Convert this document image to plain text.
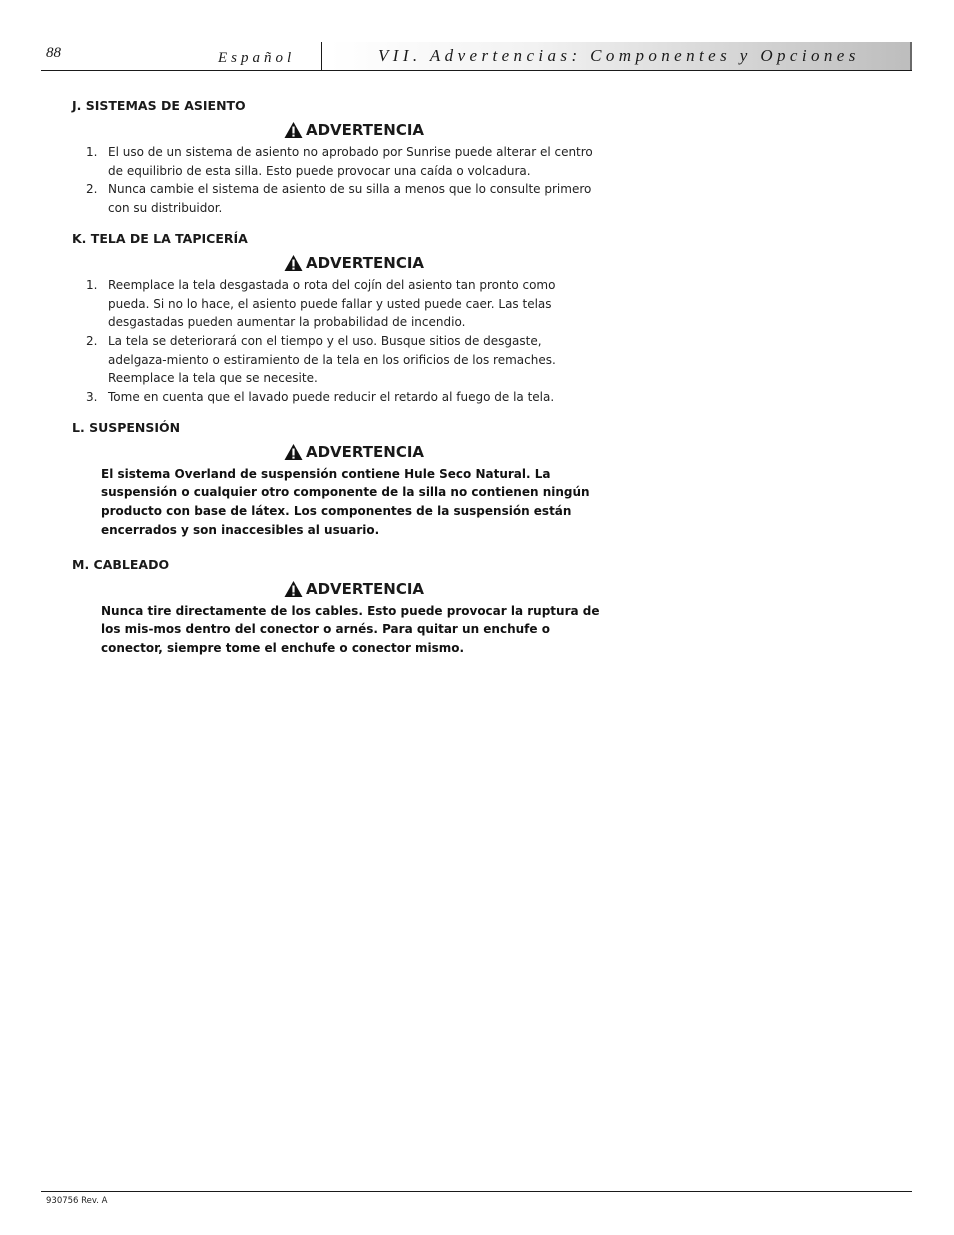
88	Español	VII. Advertencias: Componentes y Opciones
J. SISTEMAS DE ASIENTO
ADVERTENCIA
1. El uso de un sistema de asiento no aprobado por Sunrise puede alterar el centro de equilibrio de esta silla. Esto puede provocar una caída o volcadura.
2. Nunca cambie el sistema de asiento de su silla a menos que lo consulte primero con su distribuidor.
K. TELA DE LA TAPICERÍA
ADVERTENCIA
1. Reemplace la tela desgastada o rota del cojín del asiento tan pronto como pueda. Si no lo hace, el asiento puede fallar y usted puede caer. Las telas desgastadas pueden aumentar la probabilidad de incendio.
2. La tela se deteriorará con el tiempo y el uso. Busque sitios de desgaste, adelgaza-miento o estiramiento de la tela en los orificios de los remaches. Reemplace la tela que se necesite.
3. Tome en cuenta que el lavado puede reducir el retardo al fuego de la tela.
L. SUSPENSIÓN
ADVERTENCIA

El sistema Overland de suspensión contiene Hule Seco Natural. La suspensión o cualquier otro componente de la silla no contienen ningún producto con base de látex. Los componentes de la suspensión están encerrados y son inaccesibles al usuario.

M. CABLEADO
ADVERTENCIA

Nunca tire directamente de los cables. Esto puede provocar la ruptura de los mis-mos dentro del conector o arnés. Para quitar un enchufe o conector, siempre tome el enchufe o conector mismo.

930756 Rev. A
